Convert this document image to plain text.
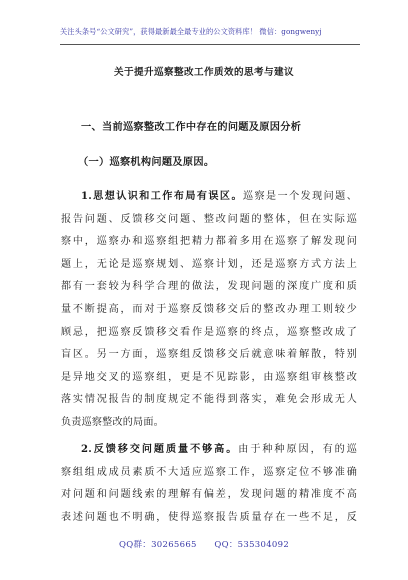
关注头条号“公文研究”，获得最新最全最专业的公文资料库！ 微信：gongwenyj
关于提升巡察整改工作质效的思考与建议
一、当前巡察整改工作中存在的问题及原因分析
（一）巡察机构问题及原因。
1.思想认识和工作布局有误区。巡察是一个发现问题、
报告问题、反馈移交问题、整改问题的整体，但在实际巡
察中，巡察办和巡察组把精力都着多用在巡察了解发现问
题上，无论是巡察规划、巡察计划，还是巡察方式方法上
都有一套较为科学合理的做法，发现问题的深度广度和质
量不断提高，而对于巡察反馈移交后的整改办理工则较少
顾忌，把巡察反馈移交看作是巡察的终点，巡察整改成了
盲区。另一方面，巡察组反馈移交后就意味着解散，特别
是异地交叉的巡察组，更是不见踪影，由巡察组审核整改
落实情况报告的制度规定不能得到落实，难免会形成无人
负责巡察整改的局面。
2.反馈移交问题质量不够高。由于种种原因，有的巡
察组组成成员素质不大适应巡察工作，巡察定位不够准确
对问题和问题线索的理解有偏差，发现问题的精准度不高
表述问题也不明确，使得巡察报告质量存在一些不足，反
QQ群：30265665　　QQ：535304092
